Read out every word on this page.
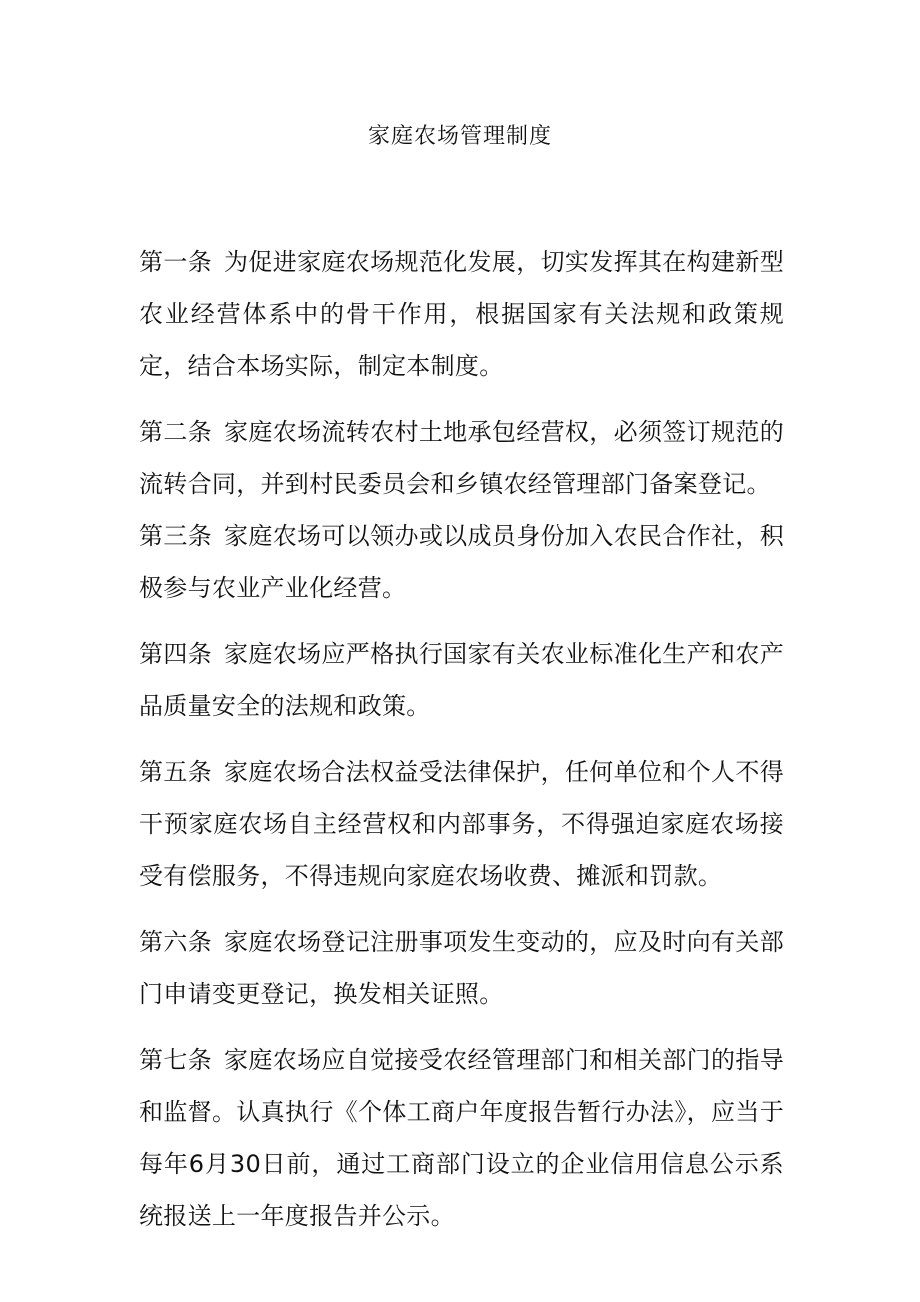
家庭农场管理制度

第一条 为促进家庭农场规范化发展，切实发挥其在构建新型农业经营体系中的骨干作用，根据国家有关法规和政策规定，结合本场实际，制定本制度。

第二条 家庭农场流转农村土地承包经营权，必须签订规范的流转合同，并到村民委员会和乡镇农经管理部门备案登记。

第三条 家庭农场可以领办或以成员身份加入农民合作社，积极参与农业产业化经营。

第四条 家庭农场应严格执行国家有关农业标准化生产和农产品质量安全的法规和政策。

第五条 家庭农场合法权益受法律保护，任何单位和个人不得干预家庭农场自主经营权和内部事务，不得强迫家庭农场接受有偿服务，不得违规向家庭农场收费、摊派和罚款。

第六条 家庭农场登记注册事项发生变动的，应及时向有关部门申请变更登记，换发相关证照。

第七条 家庭农场应自觉接受农经管理部门和相关部门的指导和监督。认真执行《个体工商户年度报告暂行办法》，应当于每年6月30日前，通过工商部门设立的企业信用信息公示系统报送上一年度报告并公示。
